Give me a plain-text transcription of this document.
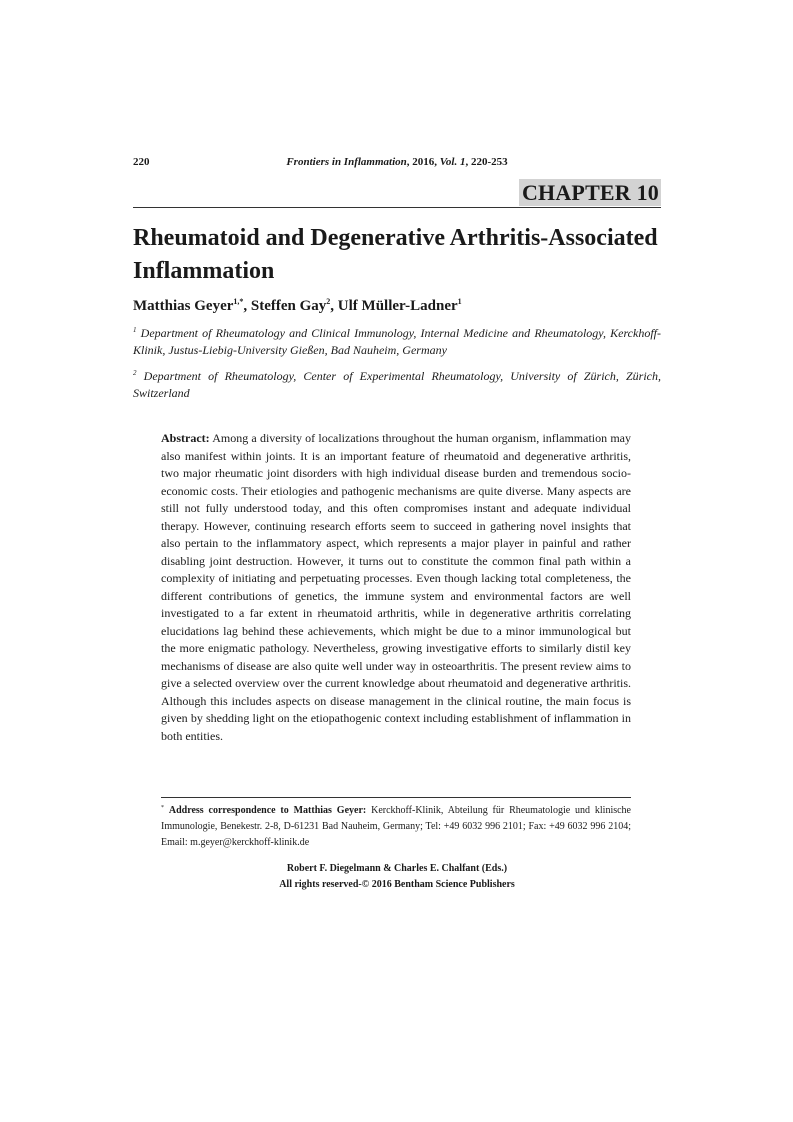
220	Frontiers in Inflammation, 2016, Vol. 1, 220-253
CHAPTER 10
Rheumatoid and Degenerative Arthritis-Associated Inflammation
Matthias Geyer$^{1,*}$, Steffen Gay$^2$, Ulf Müller-Ladner$^1$
$^1$ Department of Rheumatology and Clinical Immunology, Internal Medicine and Rheumatology, Kerckhoff-Klinik, Justus-Liebig-University Gießen, Bad Nauheim, Germany
$^2$ Department of Rheumatology, Center of Experimental Rheumatology, University of Zürich, Zürich, Switzerland
Abstract: Among a diversity of localizations throughout the human organism, inflammation may also manifest within joints. It is an important feature of rheumatoid and degenerative arthritis, two major rheumatic joint disorders with high individual disease burden and tremendous socio-economic costs. Their etiologies and pathogenic mechanisms are quite diverse. Many aspects are still not fully understood today, and this often compromises instant and adequate individual therapy. However, continuing research efforts seem to succeed in gathering novel insights that also pertain to the inflammatory aspect, which represents a major player in painful and rather disabling joint destruction. However, it turns out to constitute the common final path within a complexity of initiating and perpetuating processes. Even though lacking total completeness, the different contributions of genetics, the immune system and environmental factors are well investigated to a far extent in rheumatoid arthritis, while in degenerative arthritis correlating elucidations lag behind these achievements, which might be due to a minor immunological but the more enigmatic pathology. Nevertheless, growing investigative efforts to similarly distil key mechanisms of disease are also quite well under way in osteoarthritis. The present review aims to give a selected overview over the current knowledge about rheumatoid and degenerative arthritis. Although this includes aspects on disease management in the clinical routine, the main focus is given by shedding light on the etiopathogenic context including establishment of inflammation in both entities.
* Address correspondence to Matthias Geyer: Kerckhoff-Klinik, Abteilung für Rheumatologie und klinische Immunologie, Benekestr. 2-8, D-61231 Bad Nauheim, Germany; Tel: +49 6032 996 2101; Fax: +49 6032 996 2104; Email: m.geyer@kerckhoff-klinik.de
Robert F. Diegelmann & Charles E. Chalfant (Eds.)
All rights reserved-© 2016 Bentham Science Publishers
